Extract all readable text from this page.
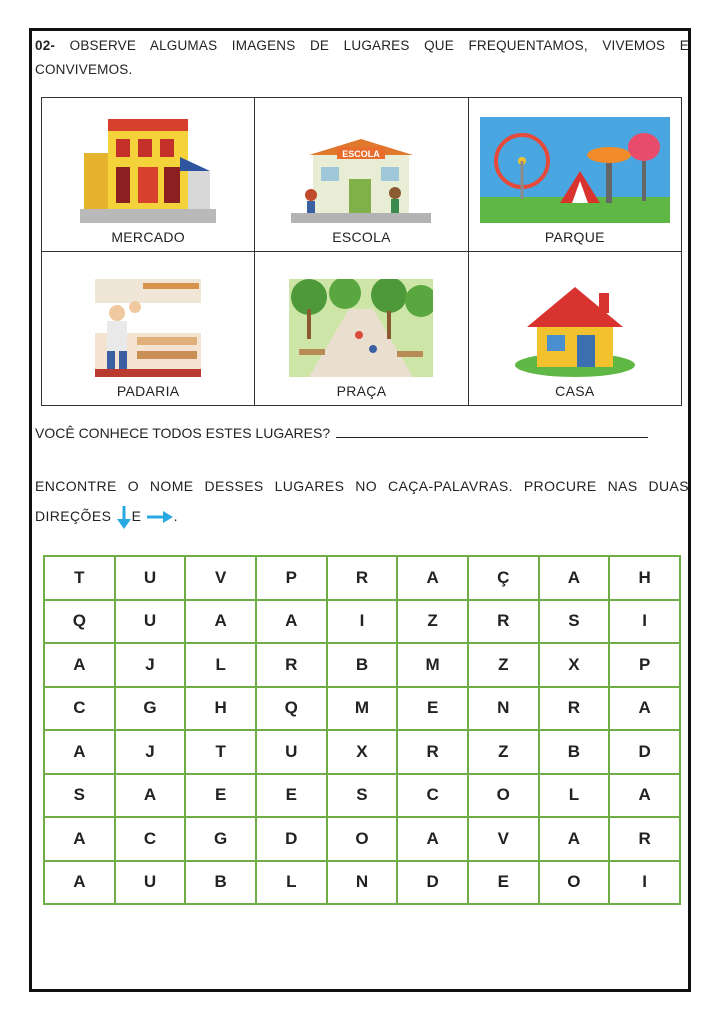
02- OBSERVE ALGUMAS IMAGENS DE LUGARES QUE FREQUENTAMOS, VIVEMOS E CONVIVEMOS.
MERCADO	ESCOLA
ESCOLA	PARQUE

PADARIA	PRAÇA	CASA
VOCÊ CONHECE TODOS ESTES LUGARES?
ENCONTRE O NOME DESSES LUGARES NO CAÇA-PALAVRAS. PROCURE NAS DUAS
DIREÇÕES E .
T	U	V	P	R	A	Ç	A	H
Q	U	A	A	I	Z	R	S	I
A	J	L	R	B	M	Z	X	P
C	G	H	Q	M	E	N	R	A
A	J	T	U	X	R	Z	B	D
S	A	E	E	S	C	O	L	A
A	C	G	D	O	A	V	A	R
A	U	B	L	N	D	E	O	I
